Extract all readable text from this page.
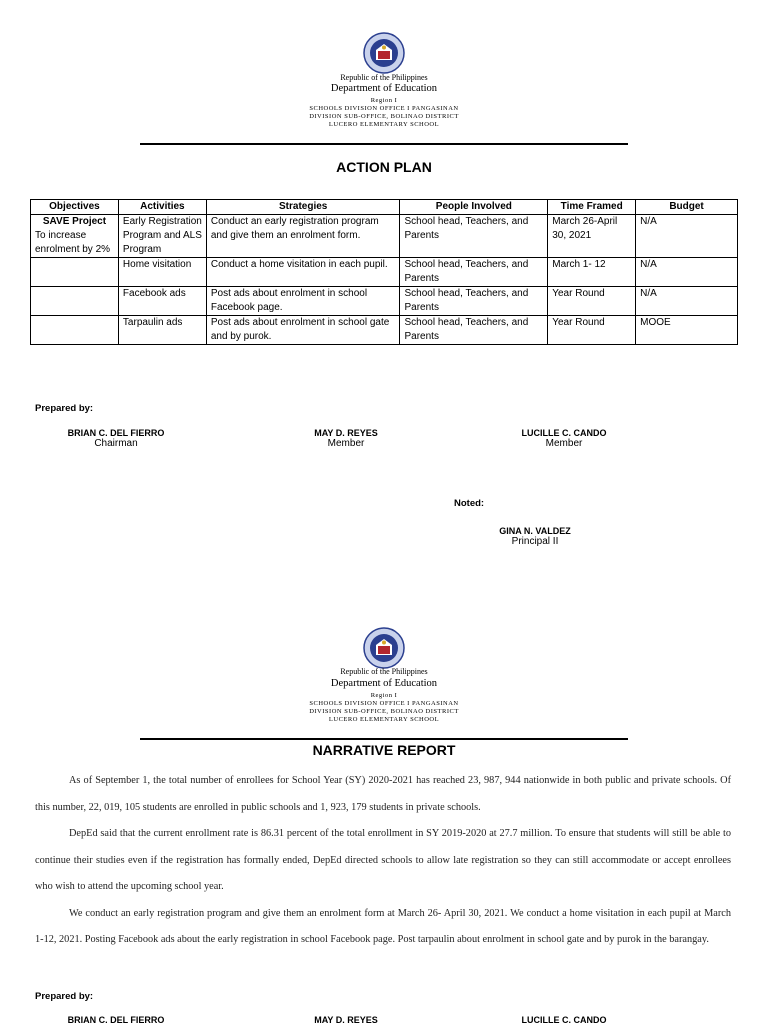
Republic of the Philippines
Department of Education
Region I
SCHOOLS DIVISION OFFICE I PANGASINAN
DIVISION SUB-OFFICE, BOLINAO DISTRICT
LUCERO ELEMENTARY SCHOOL
ACTION PLAN
Objectives	Activities	Strategies	People Involved	Time Framed	Budget

SAVE Project
To increase enrolment by 2%	Early Registration Program and ALS Program	Conduct an early registration program and give them an enrolment form.	School head, Teachers, and Parents	March 26-April 30, 2021	N/A
	Home visitation	Conduct a home visitation in each pupil.	School head, Teachers, and Parents	March 1- 12	N/A
	Facebook ads	Post ads about enrolment in school Facebook page.	School head, Teachers, and Parents	Year Round	N/A
	Tarpaulin ads	Post ads about enrolment in school gate and by purok.	School head, Teachers, and Parents	Year Round	MOOE
Prepared by:
BRIAN C. DEL FIERRO
Chairman
MAY D. REYES
Member
LUCILLE C. CANDO
Member
Noted:
GINA N. VALDEZ
Principal II
Republic of the Philippines
Department of Education
Region I
SCHOOLS DIVISION OFFICE I PANGASINAN
DIVISION SUB-OFFICE, BOLINAO DISTRICT
LUCERO ELEMENTARY SCHOOL
NARRATIVE REPORT

As of September 1, the total number of enrollees for School Year (SY) 2020-2021 has reached 23, 987, 944 nationwide in both public and private schools. Of this number, 22, 019, 105 students are enrolled in public schools and 1, 923, 179 students in private schools.

DepEd said that the current enrollment rate is 86.31 percent of the total enrollment in SY 2019-2020 at 27.7 million. To ensure that students will still be able to continue their studies even if the registration has formally ended, DepEd directed schools to allow late registration so they can still accommodate or accept enrollees who wish to attend the upcoming school year.

We conduct an early registration program and give them an enrolment form at March 26- April 30, 2021. We conduct a home visitation in each pupil at March 1-12, 2021. Posting Facebook ads about the early registration in school Facebook page. Post tarpaulin about enrolment in school gate and by purok in the barangay.

Prepared by:
BRIAN C. DEL FIERRO	MAY D. REYES	LUCILLE C. CANDO
